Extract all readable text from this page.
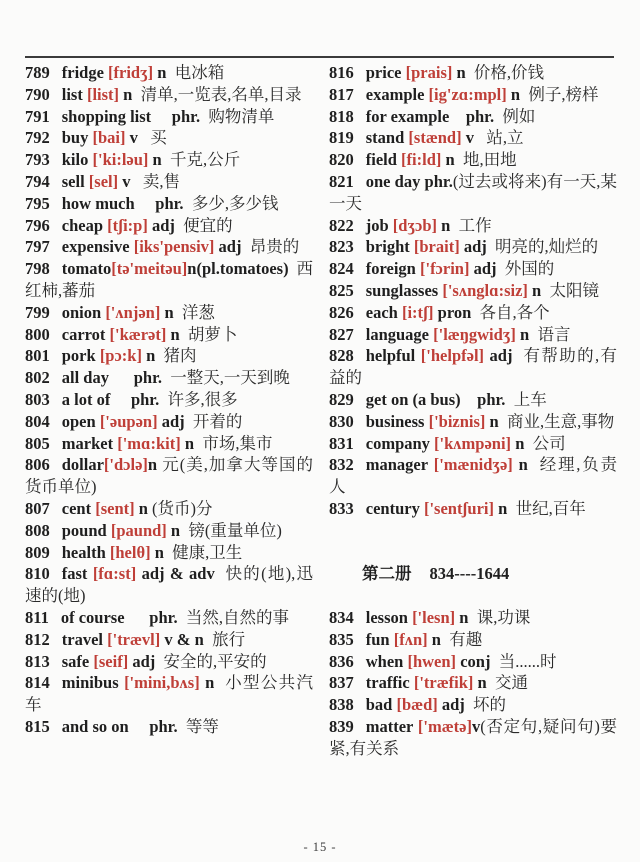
789 fridge [fridʒ] n  电冰箱

790 list [list] n  清单,一览表,名单,目录

791 shopping list     phr.  购物清单

792 buy [bai] v   买

793 kilo ['ki:ləu] n  千克,公斤

794 sell [sel] v   卖,售

795 how much     phr.  多少,多少钱

796 cheap [tʃi:p] adj  便宜的

797 expensive [iks'pensiv] adj  昂贵的

798 tomato[tə'meitəu]n(pl.tomatoes) 西红柿,蕃茄

799 onion ['ʌnjən] n  洋葱

800 carrot ['kærət] n  胡萝卜

801 pork [pɔ:k] n  猪肉

802 all day      phr.  一整天,一天到晚

803 a lot of     phr.  许多,很多

804 open ['əupən] adj  开着的

805 market ['mɑ:kit] n  市场,集市

806 dollar['dɔlə]n 元(美,加拿大等国的货币单位)

807 cent [sent] n (货币)分

808 pound [paund] n  镑(重量单位)

809 health [helθ] n  健康,卫生

810 fast [fɑ:st] adj & adv  快的(地),迅速的(地)

811 of course      phr.  当然,自然的事

812 travel ['trævl] v & n  旅行

813 safe [seif] adj  安全的,平安的

814 minibus ['mini,bʌs] n  小型公共汽车

815 and so on     phr.  等等

816 price [prais] n  价格,价钱

817 example [ig'zɑ:mpl] n  例子,榜样

818 for example    phr.  例如

819 stand [stænd] v   站,立

820 field [fi:ld] n  地,田地

821 one day phr.(过去或将来)有一天,某一天

822 job [dʒɔb] n  工作

823 bright [brait] adj  明亮的,灿烂的

824 foreign ['fɔrin] adj  外国的

825 sunglasses ['sʌnglɑ:siz] n  太阳镜

826 each [i:tʃ] pron  各自,各个

827 language ['læŋgwidʒ] n  语言

828 helpful ['helpfəl] adj  有帮助的,有益的

829 get on (a bus)    phr.  上车

830 business ['biznis] n  商业,生意,事物

831 company ['kʌmpəni] n  公司

832 manager ['mænidʒə] n  经理,负责人

833 century ['sentʃuri] n  世纪,百年

第二册 834----1644

834 lesson ['lesn] n  课,功课

835 fun [fʌn] n  有趣

836 when [hwen] conj  当......时

837 traffic ['træfik] n  交通

838 bad [bæd] adj  坏的

839 matter ['mætə]v(否定句,疑问句)要紧,有关系

- 15 -
